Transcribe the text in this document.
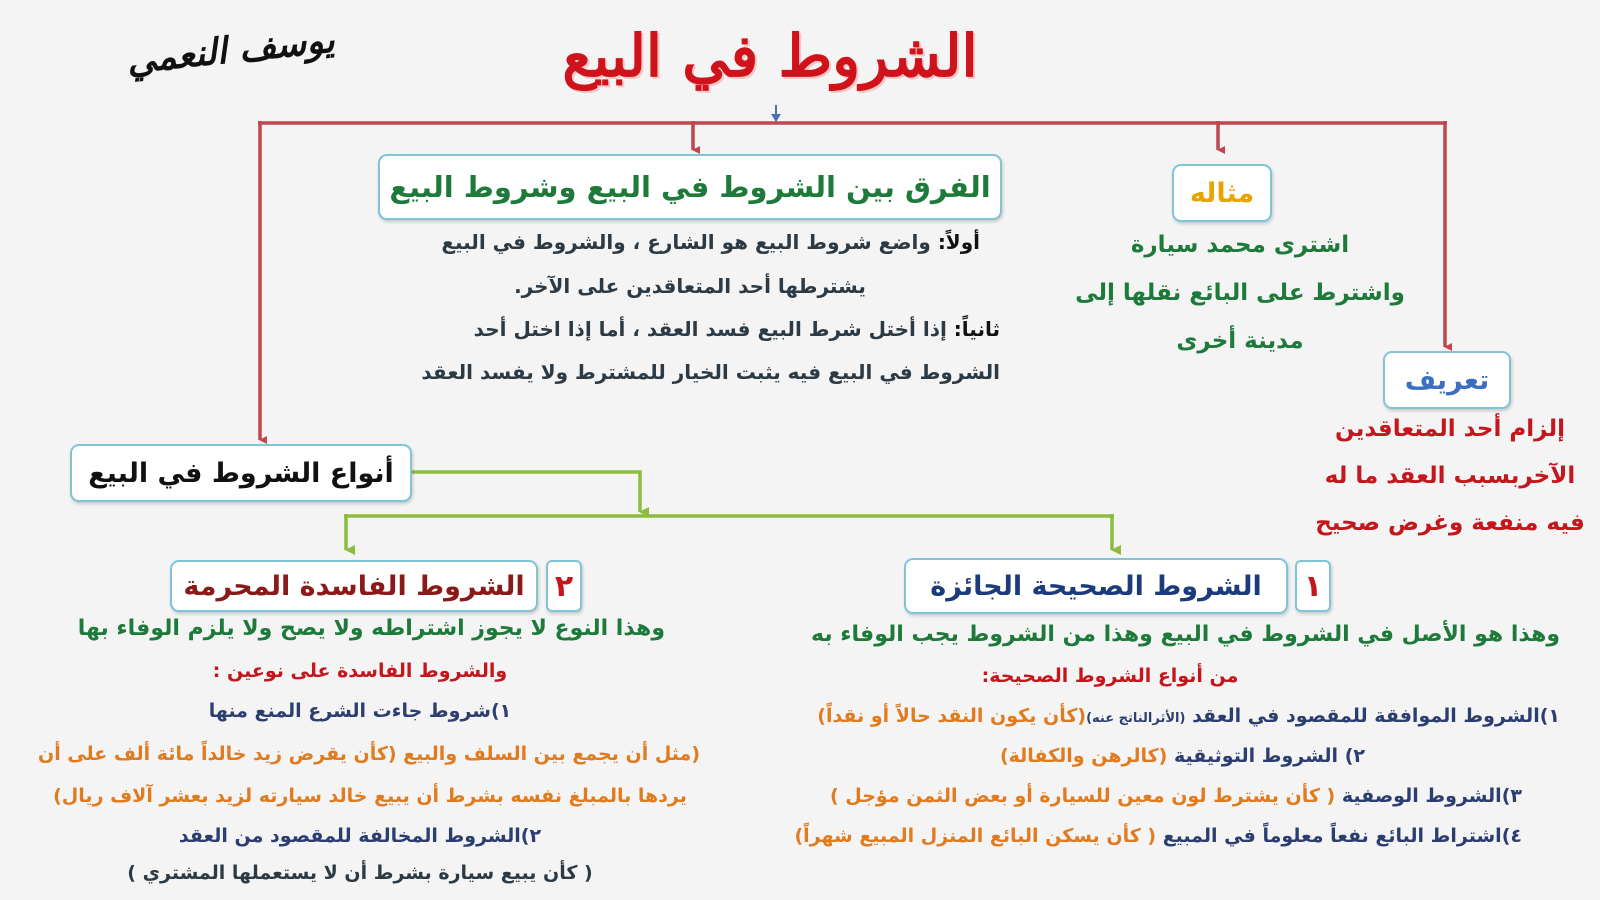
الشروط في البيع
يوسف النعمي
الفرق بين الشروط في البيع وشروط البيع
أولاً: واضع شروط البيع هو الشارع ، والشروط في البيع
يشترطها أحد المتعاقدين على الآخر.
ثانياً: إذا أختل شرط البيع فسد العقد ، أما إذا اختل أحد
الشروط في البيع فيه يثبت الخيار للمشترط ولا يفسد العقد
مثاله
اشترى محمد سيارة
واشترط على البائع نقلها إلى
مدينة أخرى
تعريف
إلزام أحد المتعاقدين
الآخربسبب العقد ما له
فيه منفعة وغرض صحيح
أنواع الشروط في البيع
١
الشروط الصحيحة الجائزة
وهذا هو الأصل في الشروط في البيع وهذا من الشروط يجب الوفاء به
من أنواع الشروط الصحيحة:
١)الشروط الموافقة للمقصود في العقد (الأثرالناتج عنه)(كأن يكون النقد حالاً أو نقداً)
٢) الشروط التوثيقية (كالرهن والكفالة)
٣)الشروط الوصفية ( كأن يشترط لون معين للسيارة أو بعض الثمن مؤجل )
٤)اشتراط البائع نفعاً معلوماً في المبيع ( كأن يسكن البائع المنزل المبيع شهراً)
٢
الشروط الفاسدة المحرمة
وهذا النوع لا يجوز اشتراطه ولا يصح ولا يلزم الوفاء بها
والشروط الفاسدة على نوعين :
١)شروط جاءت الشرع المنع منها
(مثل أن يجمع بين السلف والبيع (كأن يقرض زيد خالداً مائة ألف على أن
يردها بالمبلغ نفسه بشرط أن يبيع خالد سيارته لزيد بعشر آلاف ريال)
٢)الشروط المخالفة للمقصود من العقد
( كأن يبيع سيارة بشرط أن لا يستعملها المشتري )
